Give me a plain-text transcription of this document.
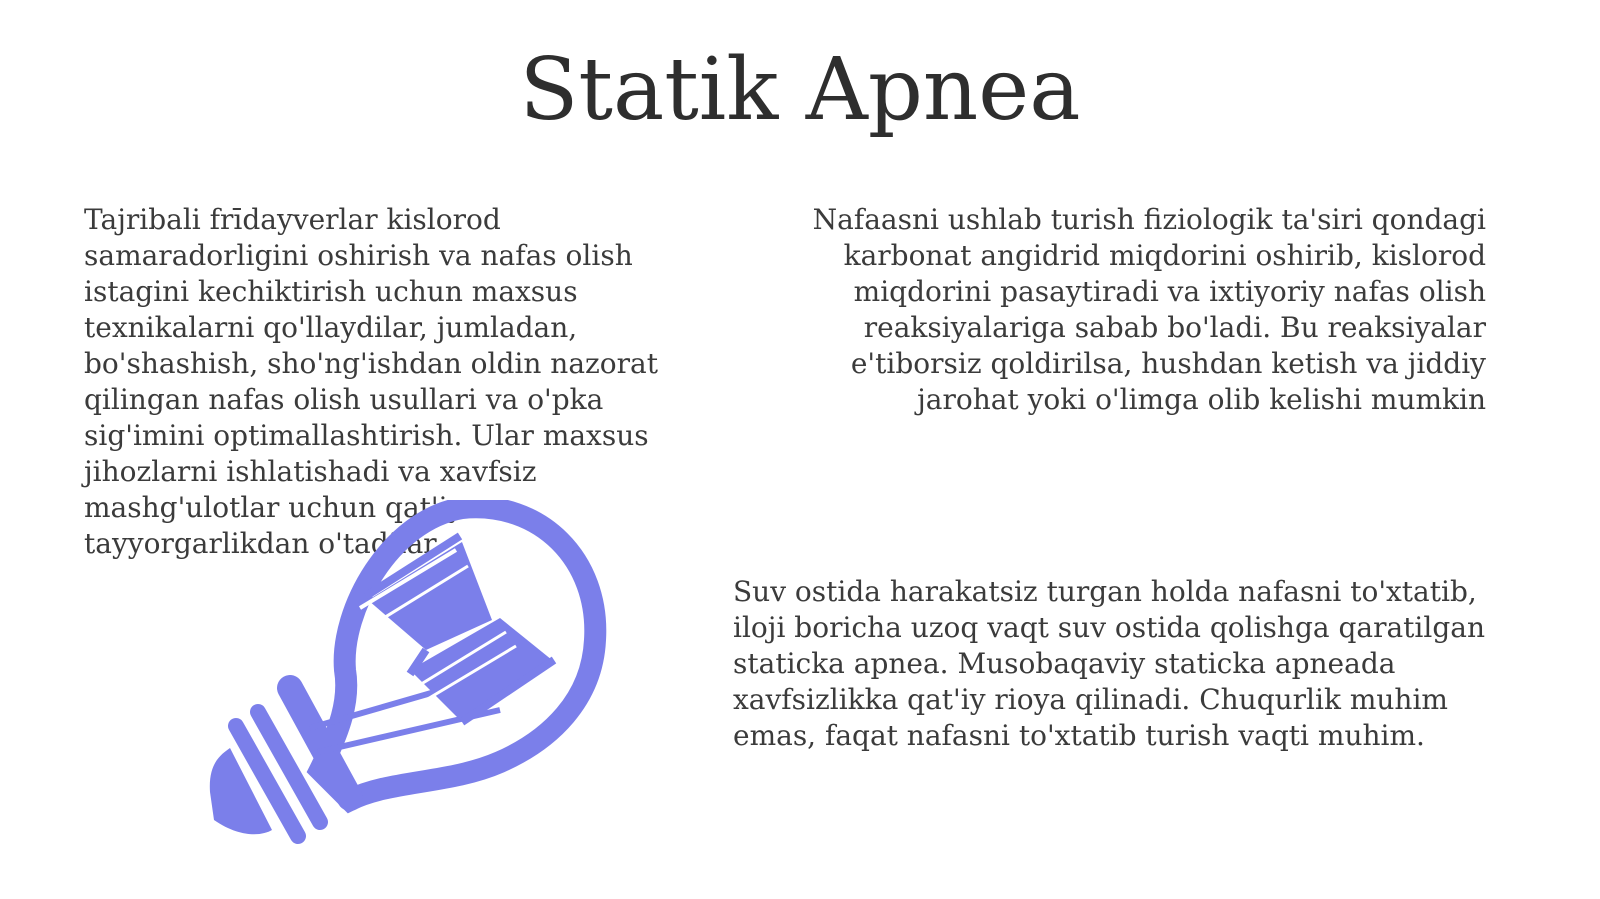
Statik Apnea

Tajribali frīdayverlar kislorod samaradorligini oshirish va nafas olish istagini kechiktirish uchun maxsus texnikalarni qo'llaydilar, jumladan, bo'shashish, sho'ng'ishdan oldin nazorat qilingan nafas olish usullari va o'pka sig'imini optimallashtirish. Ular maxsus jihozlarni ishlatishadi va xavfsiz mashg'ulotlar uchun qat'iy tayyorgarlikdan o'tadilar.

Nafaasni ushlab turish fiziologik ta'siri qondagi karbonat angidrid miqdorini oshirib, kislorod miqdorini pasaytiradi va ixtiyoriy nafas olish reaksiyalariga sabab bo'ladi. Bu reaksiyalar e'tiborsiz qoldirilsa, hushdan ketish va jiddiy jarohat yoki o'limga olib kelishi mumkin

Suv ostida harakatsiz turgan holda nafasni to'xtatib, iloji boricha uzoq vaqt suv ostida qolishga qaratilgan staticka apnea. Musobaqaviy staticka apneada xavfsizlikka qat'iy rioya qilinadi. Chuqurlik muhim emas, faqat nafasni to'xtatib turish vaqti muhim.
